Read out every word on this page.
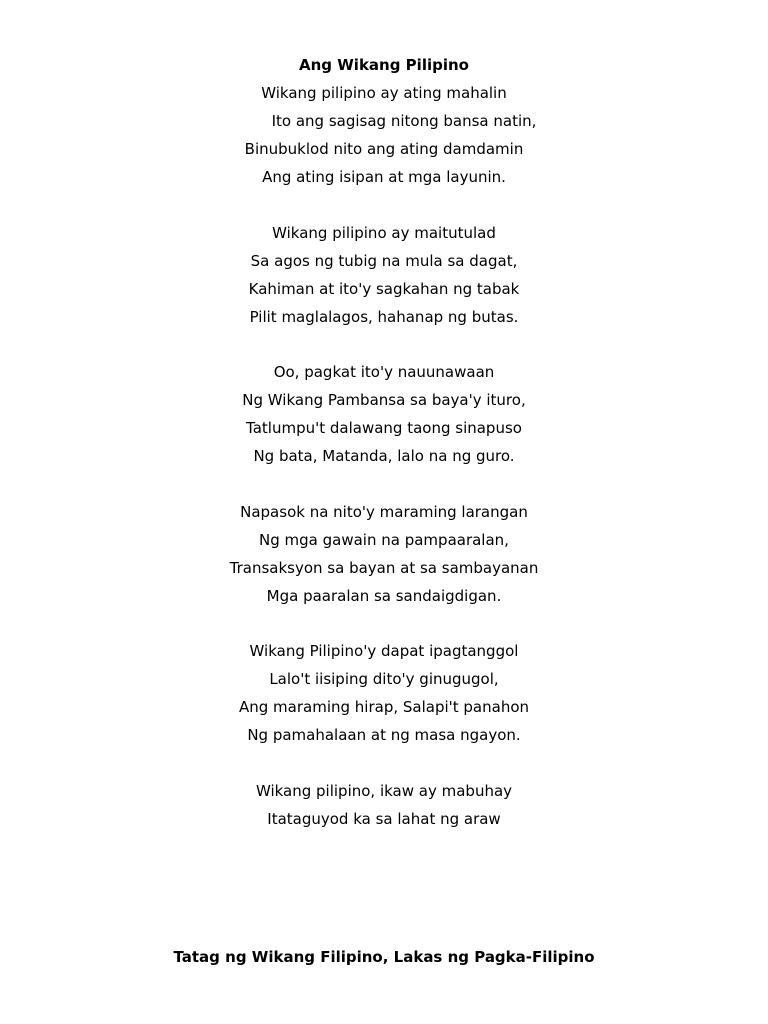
Ang Wikang Pilipino
Wikang pilipino ay ating mahalin
Ito ang sagisag nitong bansa natin,
Binubuklod nito ang ating damdamin
Ang ating isipan at mga layunin.
Wikang pilipino ay maitutulad
Sa agos ng tubig na mula sa dagat,
Kahiman at ito'y sagkahan ng tabak
Pilit maglalagos, hahanap ng butas.
Oo, pagkat ito'y nauunawaan
Ng Wikang Pambansa sa baya'y ituro,
Tatlumpu't dalawang taong sinapuso
Ng bata, Matanda, lalo na ng guro.
Napasok na nito'y maraming larangan
Ng mga gawain na pampaaralan,
Transaksyon sa bayan at sa sambayanan
Mga paaralan sa sandaigdigan.
Wikang Pilipino'y dapat ipagtanggol
Lalo't iisiping dito'y ginugugol,
Ang maraming hirap, Salapi't panahon
Ng pamahalaan at ng masa ngayon.
Wikang pilipino, ikaw ay mabuhay
Itataguyod ka sa lahat ng araw
Tatag ng Wikang Filipino, Lakas ng Pagka-Filipino
